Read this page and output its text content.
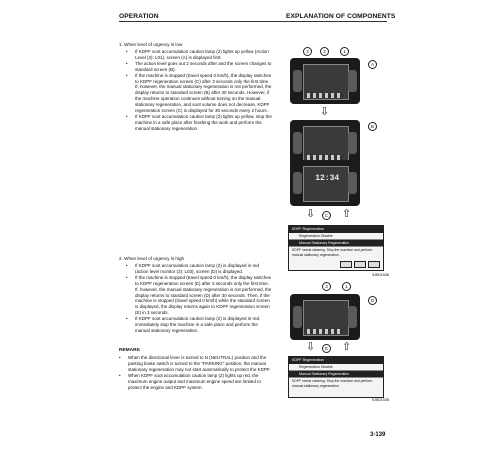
OPERATION	EXPLANATION OF COMPONENTS
1. When level of urgency is low
• If KDPF soot accumulation caution lamp (2) lights up yellow (Action Level (3): L01), screen (A) is displayed first.
• The action level goes out 2 seconds after and the screen changes to standard screen (B).
• If the machine is stopped (travel speed 0 km/h), the display switches to KDPF regeneration screen (C) after 3 seconds only the first time. If, however, the manual stationary regeneration is not performed, the display returns to standard screen (B) after 30 seconds. However, if the machine operation continues without turning on the manual stationary regeneration, and soot volume does not decrease, KDPF regeneration screen (C) is displayed for 30 seconds every 2 hours.
• If KDPF soot accumulation caution lamp (2) lights up yellow, stop the machine in a safe place after finishing the work and perform the manual stationary regeneration.
3	2	1
A
⇩
B
12:34
⇩	C ⇧
KDPF Regeneration
Regeneration Disable
Manual Stationary Regeneration
KDPF needs cleaning. Stop the machine and perform manual stationary regeneration.
9JB01536
2. When level of urgency is high
• If KDPF soot accumulation caution lamp (2) is displayed in red (action level monitor (3): L03), screen (D) is displayed.
• If the machine is stopped (travel speed 0 km/h), the display switches to KDPF regeneration screen (E) after 3 seconds only the first time. If, however, the manual stationary regeneration is not performed, the display returns to standard screen (D) after 30 seconds. Then, if the machine is stopped (travel speed 0 km/h) while the standard screen is displayed, the display returns again to KDPF regeneration screen (E) in 3 seconds.
• If KDPF soot accumulation caution lamp (2) is displayed in red, immediately stop the machine in a safe place and perform the manual stationary regeneration.
3	1
D
⇩	E ⇧
KDPF Regeneration
Regeneration Disable
Manual Stationary Regeneration
KDPF needs cleaning. Stop the machine and perform manual stationary regeneration.
9JB01535
REMARK
• When the directional lever is turned to N (NEUTRAL) position and the parking brake switch is turned to the "PARKING" position, the manual stationary regeneration may not start automatically to protect the KDPF.
• When KDPF soot accumulation caution lamp (2) lights up red, the maximum engine output and maximum engine speed are limited to protect the engine and KDPF system.
3-139
